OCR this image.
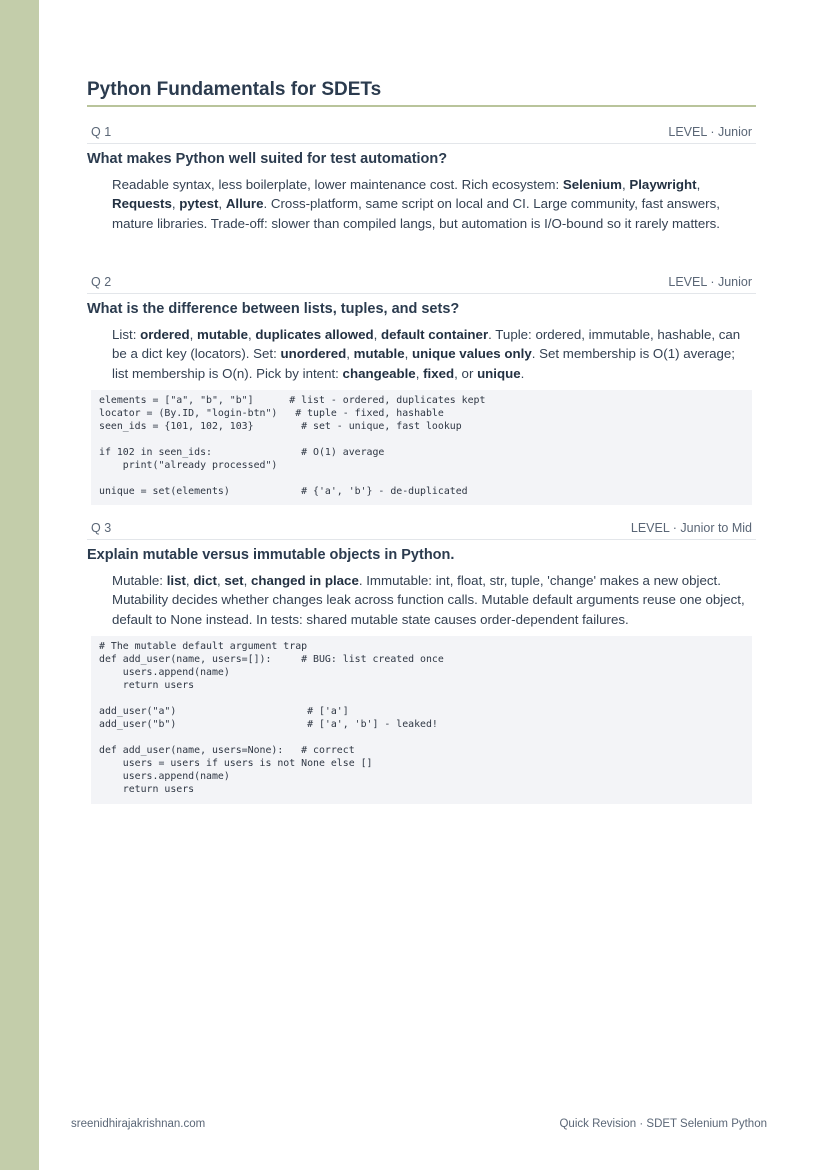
Python Fundamentals for SDETs
Q 1	LEVEL · Junior
What makes Python well suited for test automation?

Readable syntax, less boilerplate, lower maintenance cost. Rich ecosystem: Selenium, Playwright, Requests, pytest, Allure. Cross-platform, same script on local and CI. Large community, fast answers, mature libraries. Trade-off: slower than compiled langs, but automation is I/O-bound so it rarely matters.

Q 2	LEVEL · Junior
What is the difference between lists, tuples, and sets?

List: ordered, mutable, duplicates allowed, default container. Tuple: ordered, immutable, hashable, can be a dict key (locators). Set: unordered, mutable, unique values only. Set membership is O(1) average; list membership is O(n). Pick by intent: changeable, fixed, or unique.

elements = ["a", "b", "b"]      # list - ordered, duplicates kept
locator = (By.ID, "login-btn")   # tuple - fixed, hashable
seen_ids = {101, 102, 103}        # set - unique, fast lookup

if 102 in seen_ids:               # O(1) average
print("already processed")

unique = set(elements)            # {'a', 'b'} - de-duplicated
Q 3	LEVEL · Junior to Mid
Explain mutable versus immutable objects in Python.

Mutable: list, dict, set, changed in place. Immutable: int, float, str, tuple, 'change' makes a new object. Mutability decides whether changes leak across function calls. Mutable default arguments reuse one object, default to None instead. In tests: shared mutable state causes order-dependent failures.

# The mutable default argument trap
def add_user(name, users=[]):     # BUG: list created once
users.append(name)
return users

add_user("a")                      # ['a']
add_user("b")                      # ['a', 'b'] - leaked!

def add_user(name, users=None):   # correct
users = users if users is not None else []
users.append(name)
return users
sreenidhirajakrishnan.com	Quick Revision · SDET Selenium Python
